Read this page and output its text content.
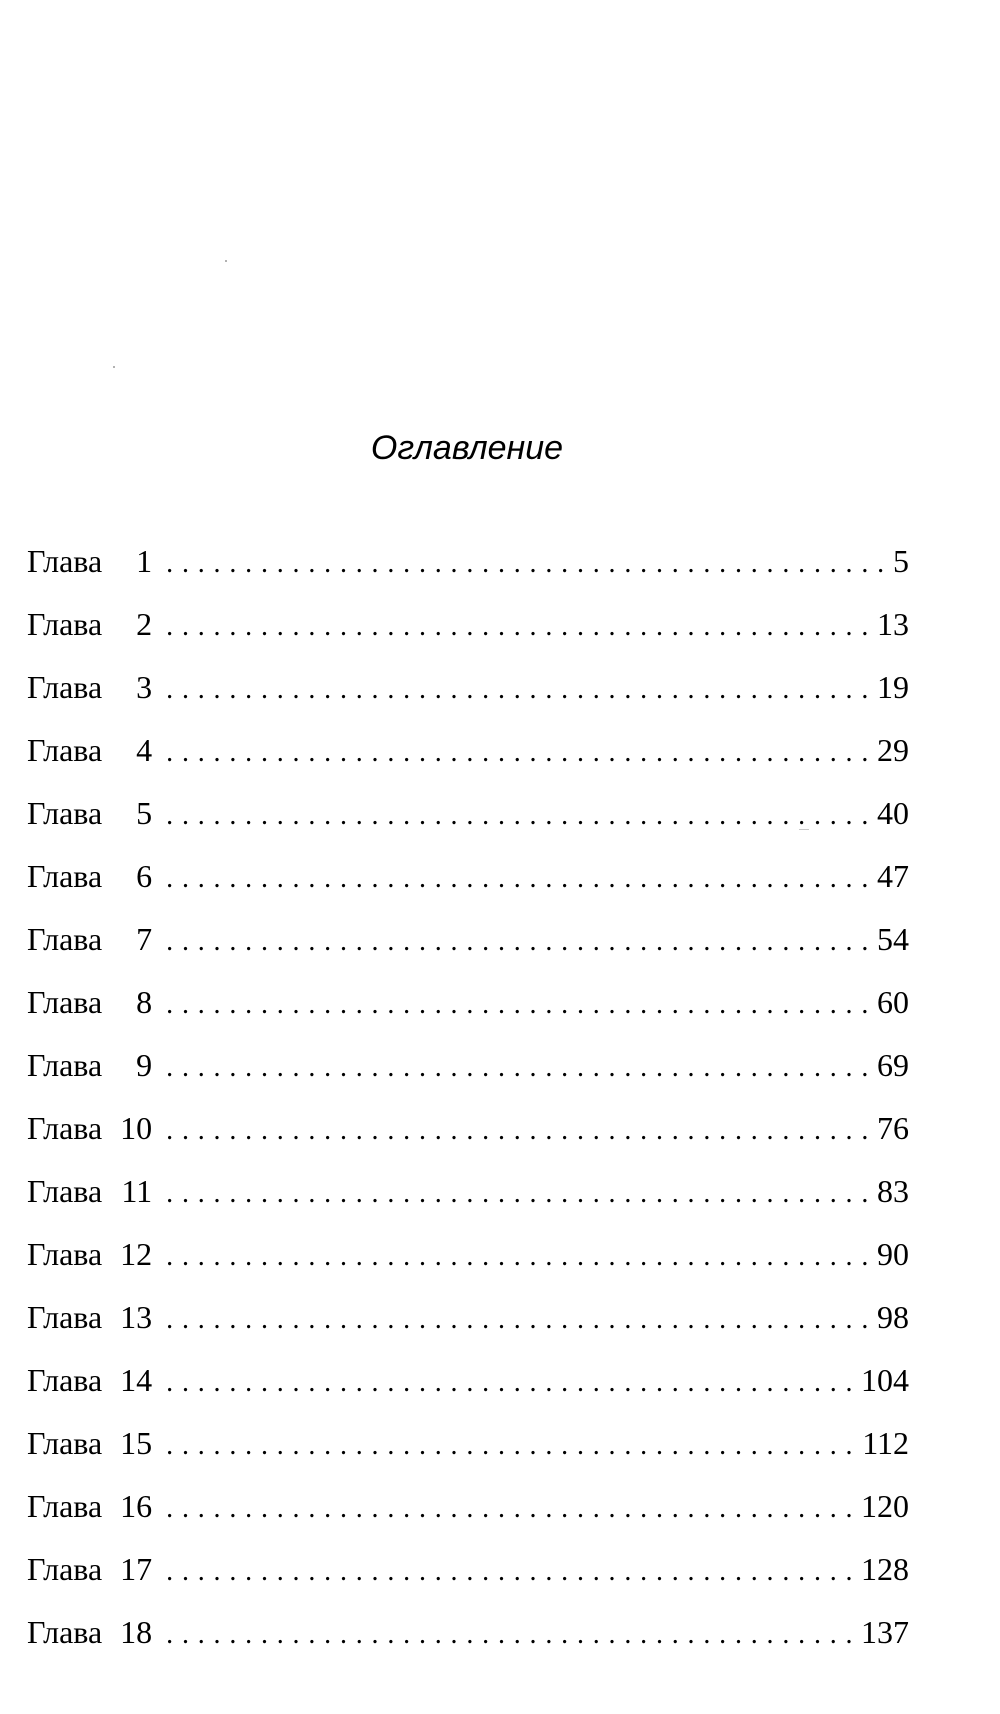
Оглавление
Глава	1 . . .	5
Глава	2 . . .	13
Глава	3 . . .	19
Глава	4 . . .	29
Глава	5 . . .	40
Глава	6 . . .	47
Глава	7 . . .	54
Глава	8 . . .	60
Глава	9 . . .	69
Глава 10 . . .	76
Глава 11 . . .	83
Глава 12 . . .	90
Глава 13 . . .	98
Глава 14 . . .	104
Глава 15 . . .	112
Глава 16 . . .	120
Глава 17 . . .	128
Глава 18 . . .	137
